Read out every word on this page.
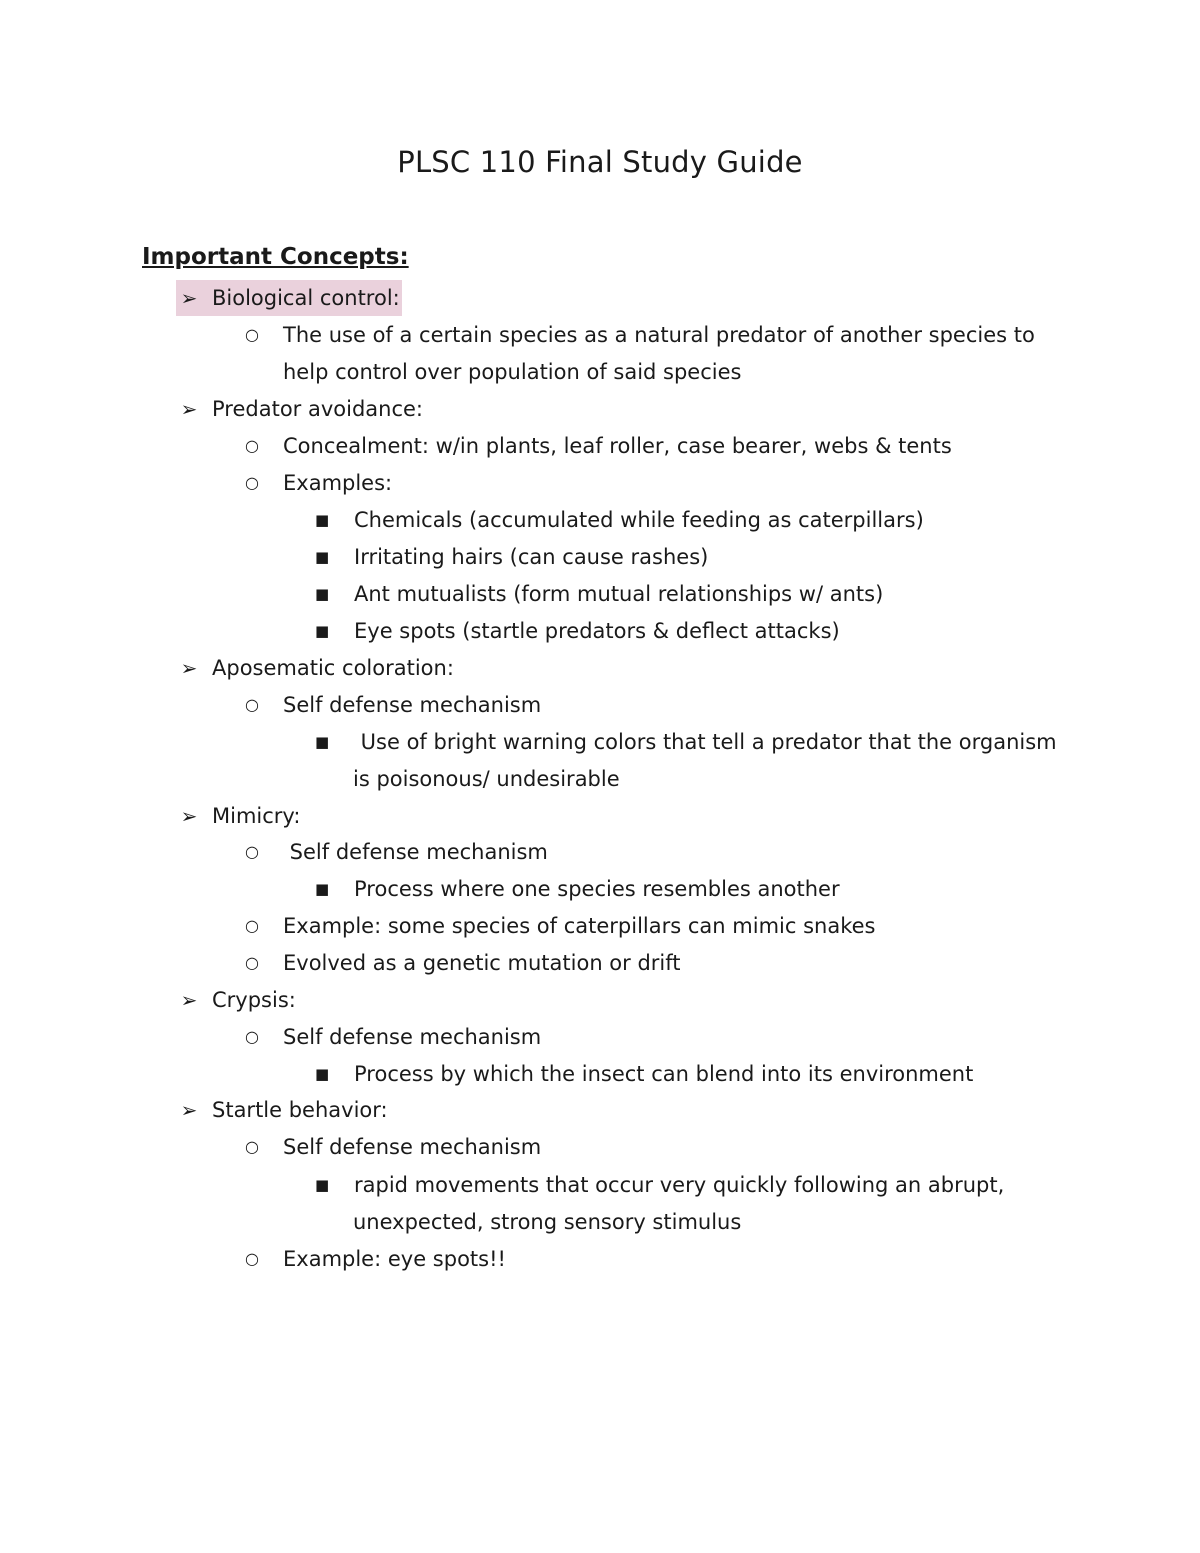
PLSC 110 Final Study Guide
Important Concepts:
➢ Biological control:
○ The use of a certain species as a natural predator of another species to
help control over population of said species
➢ Predator avoidance:
○ Concealment: w/in plants, leaf roller, case bearer, webs & tents
○ Examples:
■ Chemicals (accumulated while feeding as caterpillars)
■ Irritating hairs (can cause rashes)
■ Ant mutualists (form mutual relationships w/ ants)
■ Eye spots (startle predators & deflect attacks)
➢ Aposematic coloration:
○ Self defense mechanism
■ Use of bright warning colors that tell a predator that the organism
is poisonous/ undesirable
➢ Mimicry:
○ Self defense mechanism
■ Process where one species resembles another
○ Example: some species of caterpillars can mimic snakes
○ Evolved as a genetic mutation or drift
➢ Crypsis:
○ Self defense mechanism
■ Process by which the insect can blend into its environment
➢ Startle behavior:
○ Self defense mechanism
■ rapid movements that occur very quickly following an abrupt,
unexpected, strong sensory stimulus
○ Example: eye spots!!
